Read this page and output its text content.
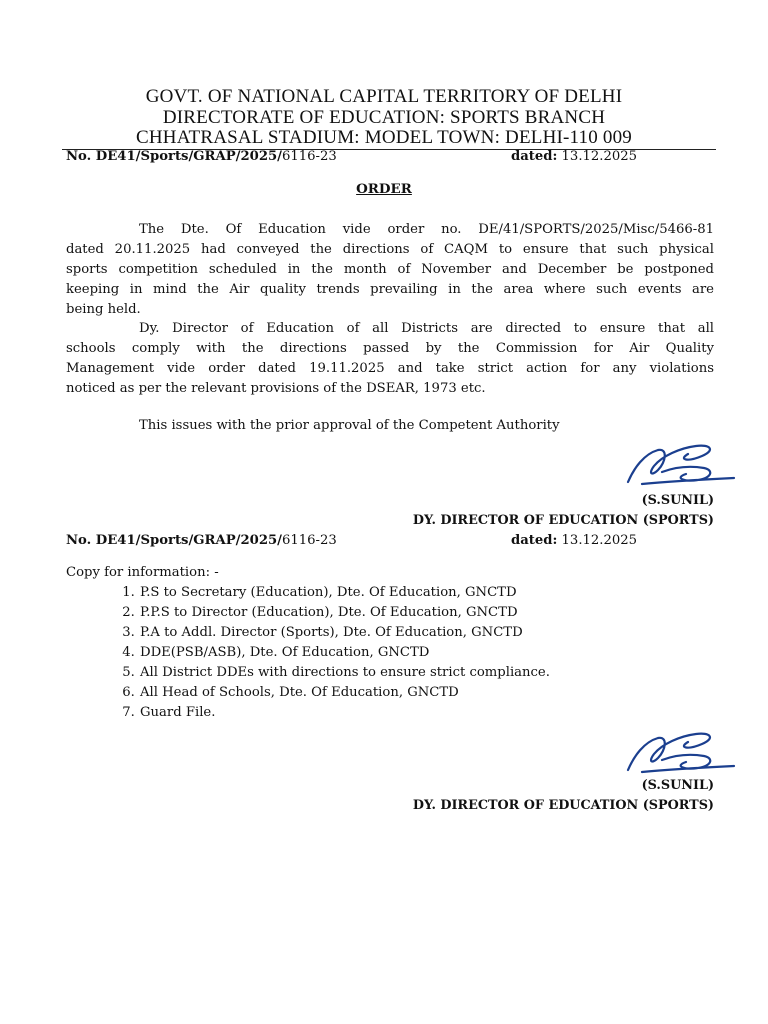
GOVT. OF NATIONAL CAPITAL TERRITORY OF DELHI
DIRECTORATE OF EDUCATION: SPORTS BRANCH
CHHATRASAL STADIUM: MODEL TOWN: DELHI-110 009
No. DE41/Sports/GRAP/2025/6116-23	dated: 13.12.2025
ORDER
The Dte. Of Education vide order no. DE/41/SPORTS/2025/Misc/5466-81
dated 20.11.2025 had conveyed the directions of CAQM to ensure that such physical
sports competition scheduled in the month of November and December be postponed
keeping in mind the Air quality trends prevailing in the area where such events are
being held.
Dy. Director of Education of all Districts are directed to ensure that all
schools comply with the directions passed by the Commission for Air Quality
Management vide order dated 19.11.2025 and take strict action for any violations
noticed as per the relevant provisions of the DSEAR, 1973 etc.
This issues with the prior approval of the Competent Authority
(S.SUNIL)
DY. DIRECTOR OF EDUCATION (SPORTS)
No. DE41/Sports/GRAP/2025/6116-23	dated: 13.12.2025
Copy for information: -
1. P.S to Secretary (Education), Dte. Of Education, GNCTD
2. P.P.S to Director (Education), Dte. Of Education, GNCTD
3. P.A to Addl. Director (Sports), Dte. Of Education, GNCTD
4. DDE(PSB/ASB), Dte. Of Education, GNCTD
5. All District DDEs with directions to ensure strict compliance.
6. All Head of Schools, Dte. Of Education, GNCTD
7. Guard File.
(S.SUNIL)
DY. DIRECTOR OF EDUCATION (SPORTS)
